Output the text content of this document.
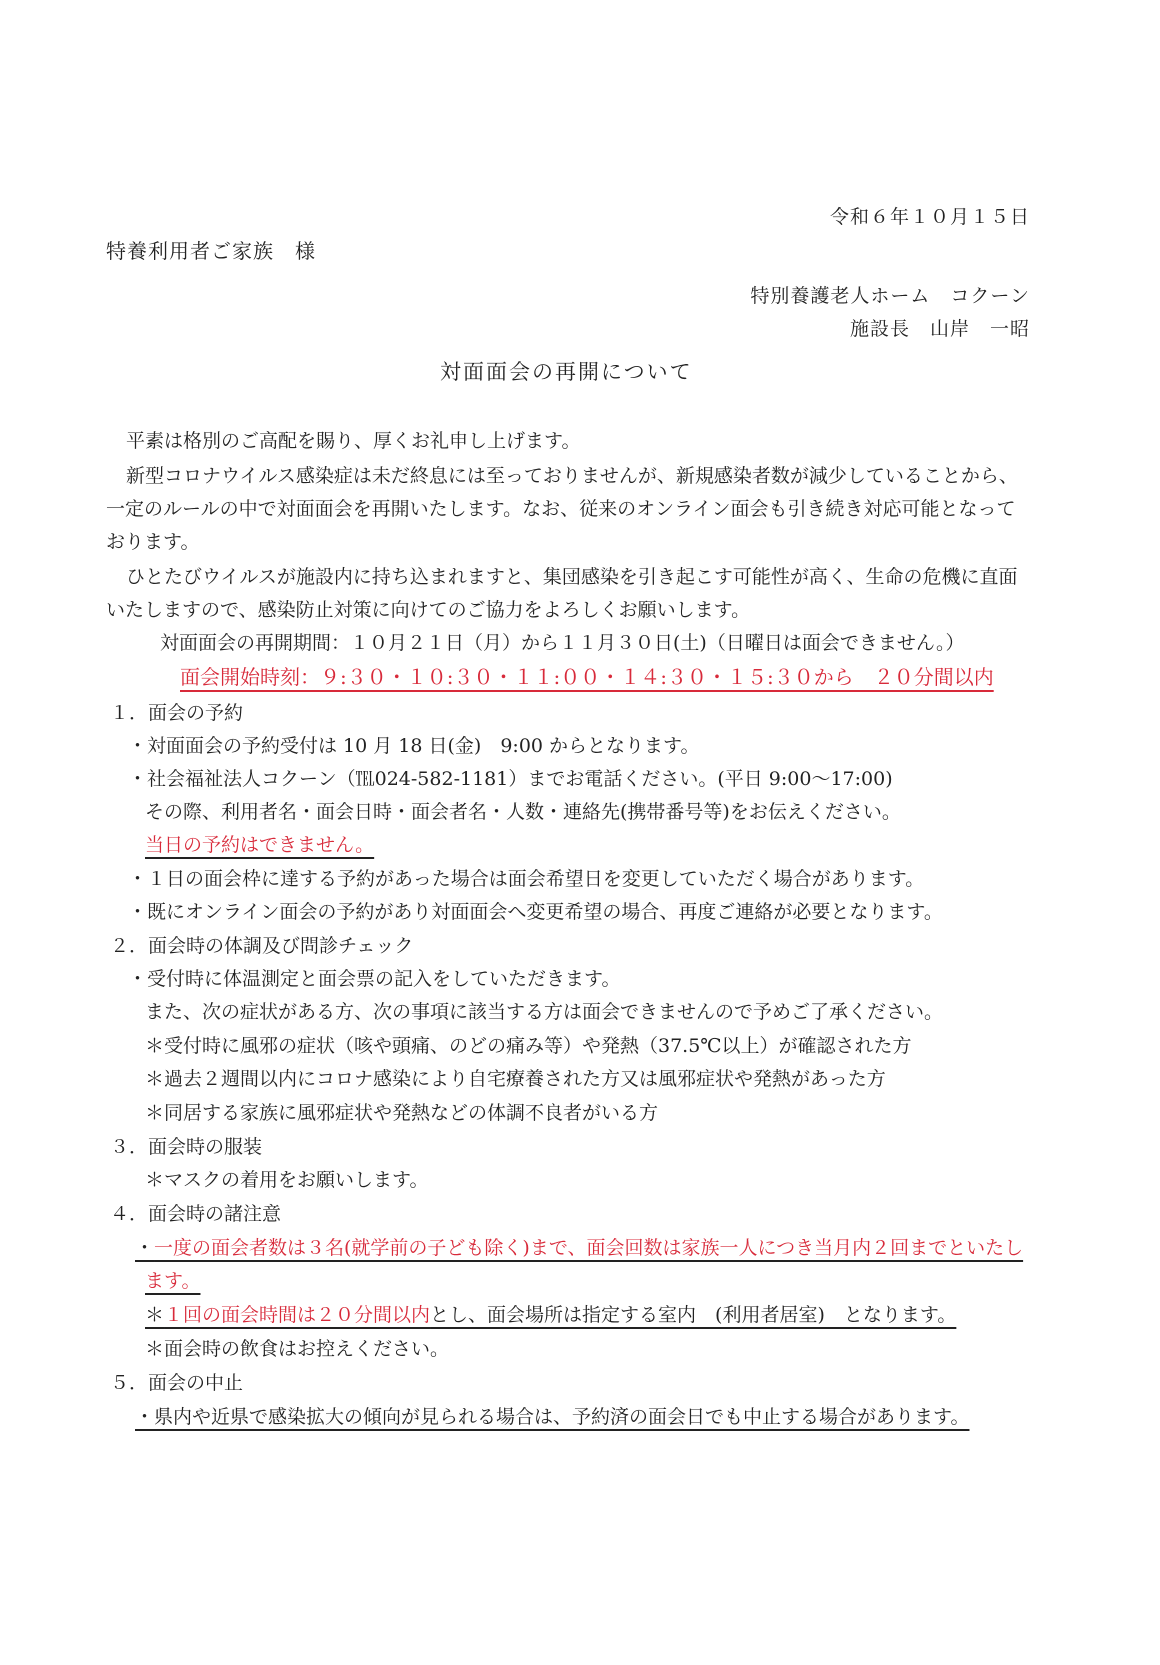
令和６年１０月１５日
特養利用者ご家族　様
特別養護老人ホーム　コクーン
施設長　山岸　一昭
対面面会の再開について
平素は格別のご高配を賜り、厚くお礼申し上げます。
新型コロナウイルス感染症は未だ終息には至っておりませんが、新規感染者数が減少していることから、
一定のルールの中で対面面会を再開いたします。なお、従来のオンライン面会も引き続き対応可能となって
おります。
ひとたびウイルスが施設内に持ち込まれますと、集団感染を引き起こす可能性が高く、生命の危機に直面
いたしますので、感染防止対策に向けてのご協力をよろしくお願いします。
対面面会の再開期間：１０月２１日（月）から１１月３０日(土)（日曜日は面会できません。）
面会開始時刻：９:３０・１０:３０・１１:００・１４:３０・１５:３０から　２０分間以内
１．面会の予約
・対面面会の予約受付は 10 月 18 日(金)　9:00 からとなります。
・社会福祉法人コクーン（℡024-582-1181）までお電話ください。(平日 9:00～17:00)
その際、利用者名・面会日時・面会者名・人数・連絡先(携帯番号等)をお伝えください。
当日の予約はできません。
・１日の面会枠に達する予約があった場合は面会希望日を変更していただく場合があります。
・既にオンライン面会の予約があり対面面会へ変更希望の場合、再度ご連絡が必要となります。
２．面会時の体調及び問診チェック
・受付時に体温測定と面会票の記入をしていただきます。
また、次の症状がある方、次の事項に該当する方は面会できませんので予めご了承ください。
＊受付時に風邪の症状（咳や頭痛、のどの痛み等）や発熱（37.5℃以上）が確認された方
＊過去２週間以内にコロナ感染により自宅療養された方又は風邪症状や発熱があった方
＊同居する家族に風邪症状や発熱などの体調不良者がいる方
３．面会時の服装
＊マスクの着用をお願いします。
４．面会時の諸注意
・一度の面会者数は３名(就学前の子ども除く)まで、面会回数は家族一人につき当月内２回までといたし
ます。
＊１回の面会時間は２０分間以内とし、面会場所は指定する室内　(利用者居室)　となります。
＊面会時の飲食はお控えください。
５．面会の中止
・県内や近県で感染拡大の傾向が見られる場合は、予約済の面会日でも中止する場合があります。
